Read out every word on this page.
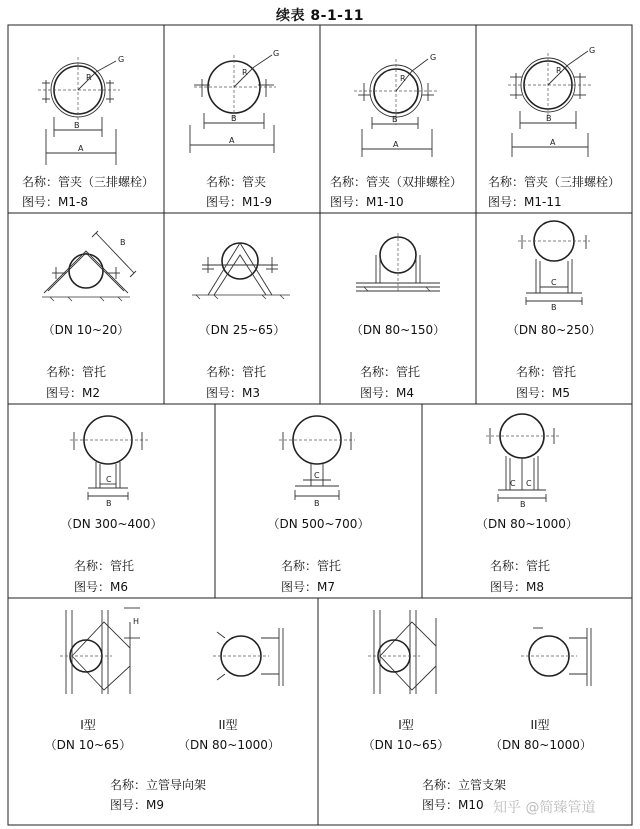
续表 8-1-11
G
R
B
A
名称：管夹（三排螺栓）
图号：M1-8
G
R
B
A
名称：管夹
图号：M1-9
G
R
B
A
名称：管夹（双排螺栓）
图号：M1-10
G
R
B
A
名称：管夹（三排螺栓）
图号：M1-11
B
（DN 10~20）
名称：管托
图号：M2
（DN 25~65）
名称：管托
图号：M3
（DN 80~150）
名称：管托
图号：M4
C
B
（DN 80~250）
名称：管托
图号：M5
C
B
（DN 300~400）
名称：管托
图号：M6
C
B
（DN 500~700）
名称：管托
图号：M7
C C
B
（DN 80~1000）
名称：管托
图号：M8
H
I型
（DN 10~65）
II型
（DN 80~1000）
名称：立管导向架
图号：M9
I型
（DN 10~65）
II型
（DN 80~1000）
名称：立管支架
图号：M10 知乎 @简臻管道
